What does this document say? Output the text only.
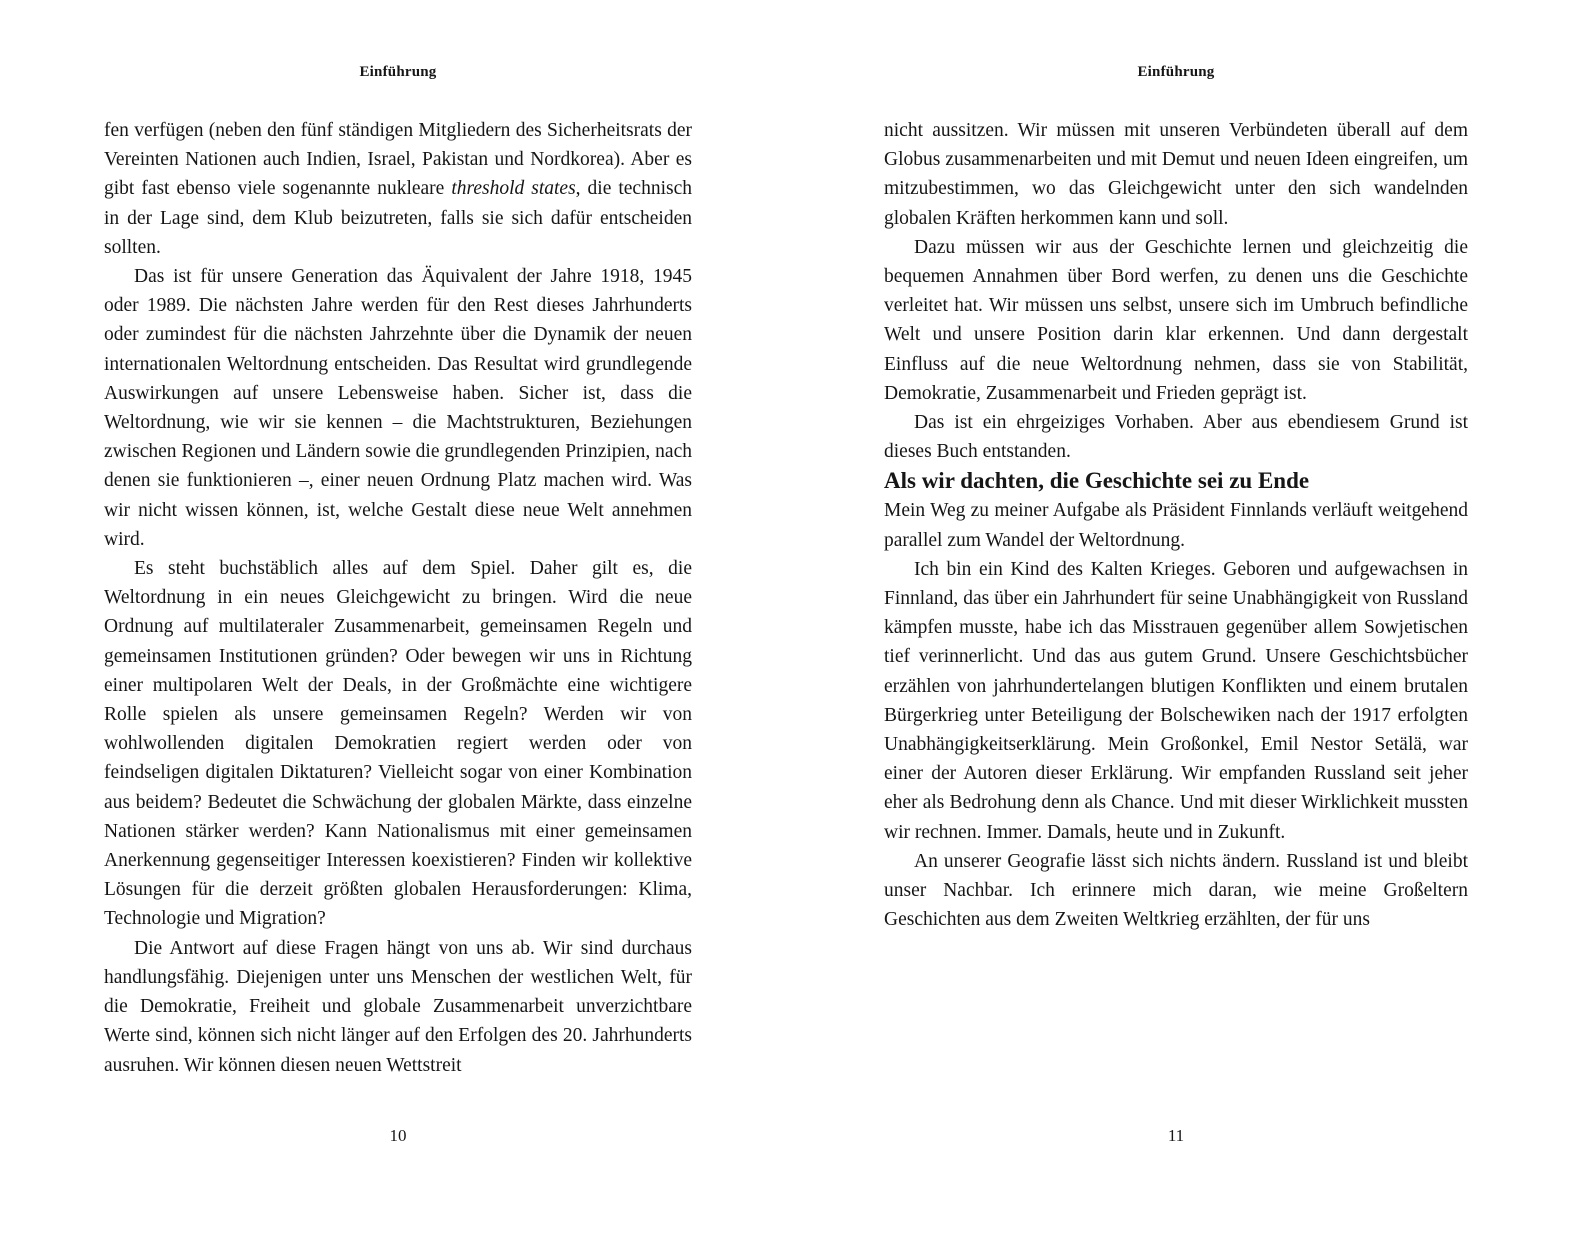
Einführung

fen verfügen (neben den fünf ständigen Mitgliedern des Sicherheitsrats der Vereinten Nationen auch Indien, Israel, Pakistan und Nordkorea). Aber es gibt fast ebenso viele sogenannte nukleare threshold states, die technisch in der Lage sind, dem Klub beizutreten, falls sie sich dafür entscheiden sollten.

Das ist für unsere Generation das Äquivalent der Jahre 1918, 1945 oder 1989. Die nächsten Jahre werden für den Rest dieses Jahrhunderts oder zumindest für die nächsten Jahrzehnte über die Dynamik der neuen internationalen Weltordnung entscheiden. Das Resultat wird grundlegende Auswirkungen auf unsere Lebensweise haben. Sicher ist, dass die Weltordnung, wie wir sie kennen – die Machtstrukturen, Beziehungen zwischen Regionen und Ländern sowie die grundlegenden Prinzipien, nach denen sie funktionieren –, einer neuen Ordnung Platz machen wird. Was wir nicht wissen können, ist, welche Gestalt diese neue Welt annehmen wird.

Es steht buchstäblich alles auf dem Spiel. Daher gilt es, die Weltordnung in ein neues Gleichgewicht zu bringen. Wird die neue Ordnung auf multilateraler Zusammenarbeit, gemeinsamen Regeln und gemeinsamen Institutionen gründen? Oder bewegen wir uns in Richtung einer multipolaren Welt der Deals, in der Großmächte eine wichtigere Rolle spielen als unsere gemeinsamen Regeln? Werden wir von wohlwollenden digitalen Demokratien regiert werden oder von feindseligen digitalen Diktaturen? Vielleicht sogar von einer Kombination aus beidem? Bedeutet die Schwächung der globalen Märkte, dass einzelne Nationen stärker werden? Kann Nationalismus mit einer gemeinsamen Anerkennung gegenseitiger Interessen koexistieren? Finden wir kollektive Lösungen für die derzeit größten globalen Herausforderungen: Klima, Technologie und Migration?

Die Antwort auf diese Fragen hängt von uns ab. Wir sind durchaus handlungsfähig. Diejenigen unter uns Menschen der westlichen Welt, für die Demokratie, Freiheit und globale Zusammenarbeit unverzichtbare Werte sind, können sich nicht länger auf den Erfolgen des 20. Jahrhunderts ausruhen. Wir können diesen neuen Wettstreit

10
Einführung

nicht aussitzen. Wir müssen mit unseren Verbündeten überall auf dem Globus zusammenarbeiten und mit Demut und neuen Ideen eingreifen, um mitzubestimmen, wo das Gleichgewicht unter den sich wandelnden globalen Kräften herkommen kann und soll.

Dazu müssen wir aus der Geschichte lernen und gleichzeitig die bequemen Annahmen über Bord werfen, zu denen uns die Geschichte verleitet hat. Wir müssen uns selbst, unsere sich im Umbruch befindliche Welt und unsere Position darin klar erkennen. Und dann dergestalt Einfluss auf die neue Weltordnung nehmen, dass sie von Stabilität, Demokratie, Zusammenarbeit und Frieden geprägt ist.

Das ist ein ehrgeiziges Vorhaben. Aber aus ebendiesem Grund ist dieses Buch entstanden.

Als wir dachten, die Geschichte sei zu Ende

Mein Weg zu meiner Aufgabe als Präsident Finnlands verläuft weitgehend parallel zum Wandel der Weltordnung.

Ich bin ein Kind des Kalten Krieges. Geboren und aufgewachsen in Finnland, das über ein Jahrhundert für seine Unabhängigkeit von Russland kämpfen musste, habe ich das Misstrauen gegenüber allem Sowjetischen tief verinnerlicht. Und das aus gutem Grund. Unsere Geschichtsbücher erzählen von jahrhundertelangen blutigen Konflikten und einem brutalen Bürgerkrieg unter Beteiligung der Bolschewiken nach der 1917 erfolgten Unabhängigkeitserklärung. Mein Großonkel, Emil Nestor Setälä, war einer der Autoren dieser Erklärung. Wir empfanden Russland seit jeher eher als Bedrohung denn als Chance. Und mit dieser Wirklichkeit mussten wir rechnen. Immer. Damals, heute und in Zukunft.

An unserer Geografie lässt sich nichts ändern. Russland ist und bleibt unser Nachbar. Ich erinnere mich daran, wie meine Großeltern Geschichten aus dem Zweiten Weltkrieg erzählten, der für uns

11
